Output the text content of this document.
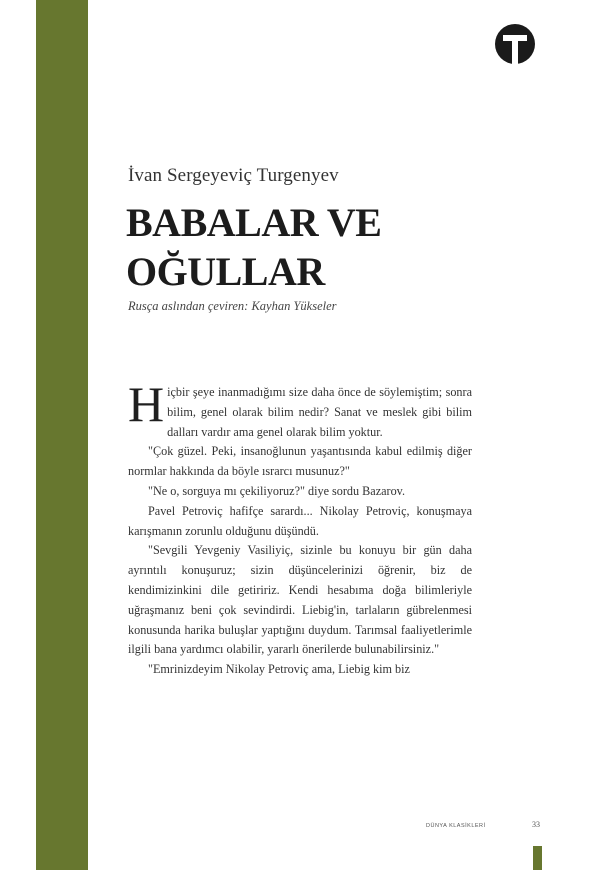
İvan Sergeyeviç Turgenyev
BABALAR VE
OĞULLAR
Rusça aslından çeviren: Kayhan Yükseler

Hiçbir şeye inanmadığımı size daha önce de söylemiştim; sonra bilim, genel olarak bilim nedir? Sanat ve meslek gibi bilim dalları vardır ama genel olarak bilim yoktur.

"Çok güzel. Peki, insanoğlunun yaşantısında kabul edilmiş diğer normlar hakkında da böyle ısrarcı musunuz?"

"Ne o, sorguya mı çekiliyoruz?" diye sordu Bazarov.

Pavel Petroviç hafifçe sarardı... Nikolay Petroviç, konuşmaya karışmanın zorunlu olduğunu düşündü.

"Sevgili Yevgeniy Vasiliyiç, sizinle bu konuyu bir gün daha ayrıntılı konuşuruz; sizin düşüncelerinizi öğrenir, biz de kendimizinkini dile getiririz. Kendi hesabıma doğa bilimleriyle uğraşmanız beni çok sevindirdi. Liebig'in, tarlaların gübrelenmesi konusunda harika buluşlar yaptığını duydum. Tarımsal faaliyetlerimle ilgili bana yardımcı olabilir, yararlı önerilerde bulunabilirsiniz."

"Emrinizdeyim Nikolay Petroviç ama, Liebig kim biz

DÜNYA KLASİKLERİ	33
